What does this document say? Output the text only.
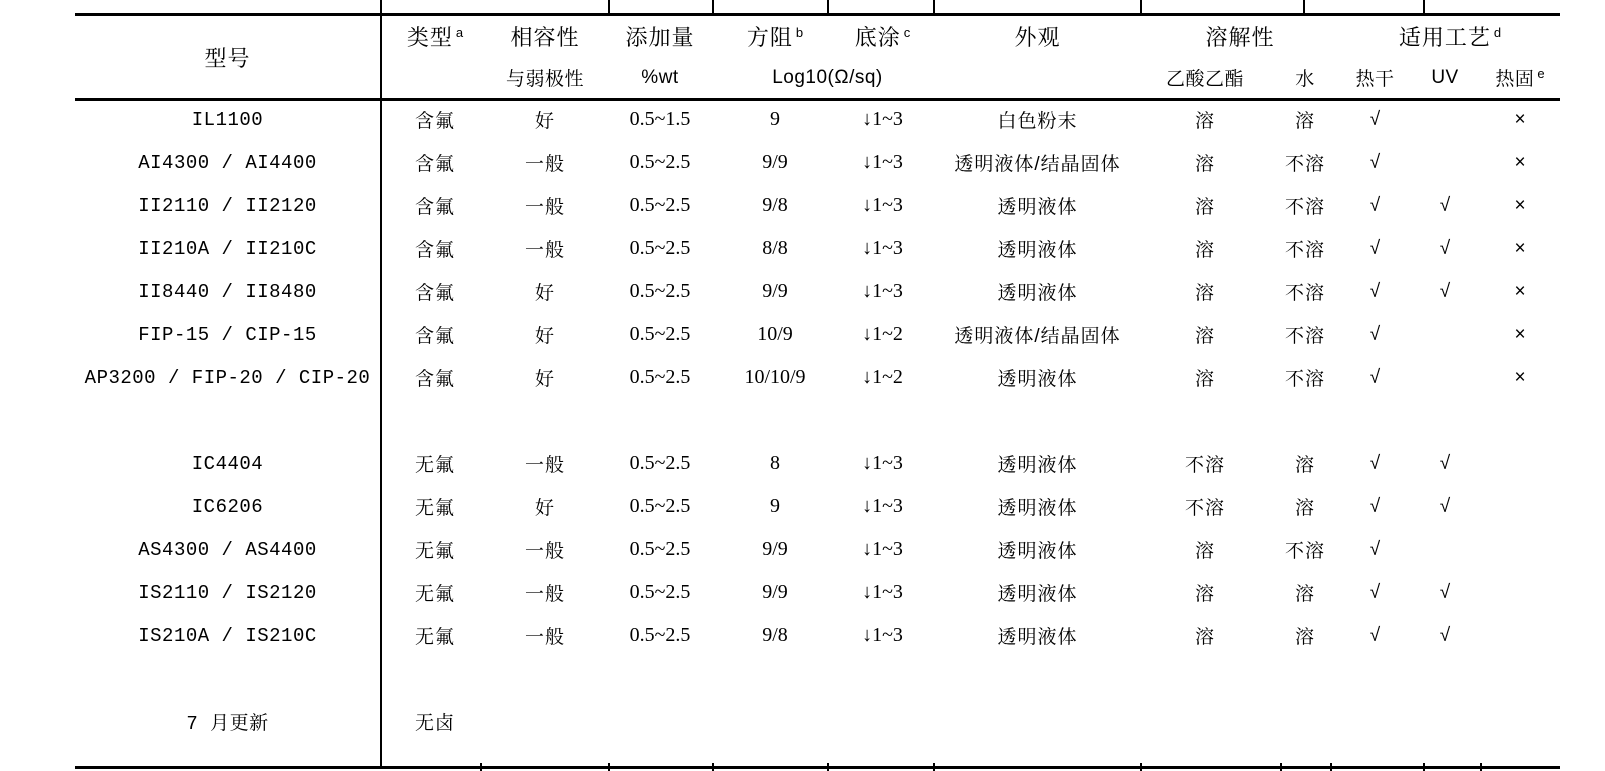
型号	类型 $^a$	相容性	添加量	方阻 $^b$	底涂 $^c$	外观	溶解性		适用工艺 $^d$
		与弱极性	%wt	Log10(Ω/sq)			乙酸乙酯	水	热干	UV	热固 $^e$
IL1100	含氟	好	0.5~1.5	9	↓1~3	白色粉末	溶	溶	√		×
AI4300 / AI4400	含氟	一般	0.5~2.5	9/9	↓1~3	透明液体/结晶固体	溶	不溶	√		×
II2110 / II2120	含氟	一般	0.5~2.5	9/8	↓1~3	透明液体	溶	不溶	√	√	×
II210A / II210C	含氟	一般	0.5~2.5	8/8	↓1~3	透明液体	溶	不溶	√	√	×
II8440 / II8480	含氟	好	0.5~2.5	9/9	↓1~3	透明液体	溶	不溶	√	√	×
FIP-15 / CIP-15	含氟	好	0.5~2.5	10/9	↓1~2	透明液体/结晶固体	溶	不溶	√		×
AP3200 / FIP-20 / CIP-20	含氟	好	0.5~2.5	10/10/9	↓1~2	透明液体	溶	不溶	√		×

IC4404	无氟	一般	0.5~2.5	8	↓1~3	透明液体	不溶	溶	√	√	
IC6206	无氟	好	0.5~2.5	9	↓1~3	透明液体	不溶	溶	√	√	
AS4300 / AS4400	无氟	一般	0.5~2.5	9/9	↓1~3	透明液体	溶	不溶	√		
IS2110 / IS2120	无氟	一般	0.5~2.5	9/9	↓1~3	透明液体	溶	溶	√	√	
IS210A / IS210C	无氟	一般	0.5~2.5	9/8	↓1~3	透明液体	溶	溶	√	√	

7 月更新	无卤										
